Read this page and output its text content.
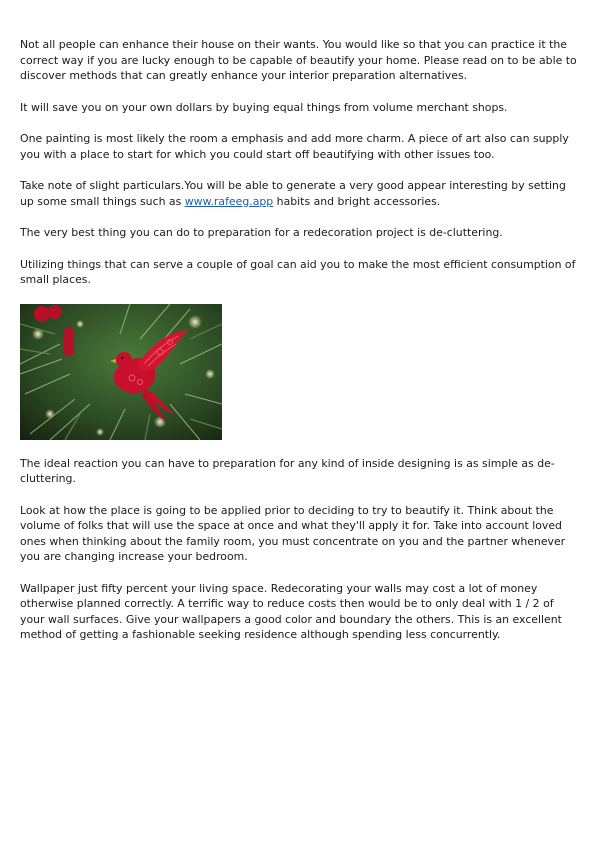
Not all people can enhance their house on their wants. You would like so that you can practice it the correct way if you are lucky enough to be capable of beautify your home. Please read on to be able to discover methods that can greatly enhance your interior preparation alternatives.

It will save you on your own dollars by buying equal things from volume merchant shops.

One painting is most likely the room a emphasis and add more charm. A piece of art also can supply you with a place to start for which you could start off beautifying with other issues too.

Take note of slight particulars.You will be able to generate a very good appear interesting by setting up some small things such as www.rafeeg.app habits and bright accessories.

The very best thing you can do to preparation for a redecoration project is de-cluttering.

Utilizing things that can serve a couple of goal can aid you to make the most efficient consumption of small places.

The ideal reaction you can have to preparation for any kind of inside designing is as simple as de-cluttering.

Look at how the place is going to be applied prior to deciding to try to beautify it. Think about the volume of folks that will use the space at once and what they'll apply it for. Take into account loved ones when thinking about the family room, you must concentrate on you and the partner whenever you are changing increase your bedroom.

Wallpaper just fifty percent your living space. Redecorating your walls may cost a lot of money otherwise planned correctly. A terrific way to reduce costs then would be to only deal with 1 / 2 of your wall surfaces. Give your wallpapers a good color and boundary the others. This is an excellent method of getting a fashionable seeking residence although spending less concurrently.
